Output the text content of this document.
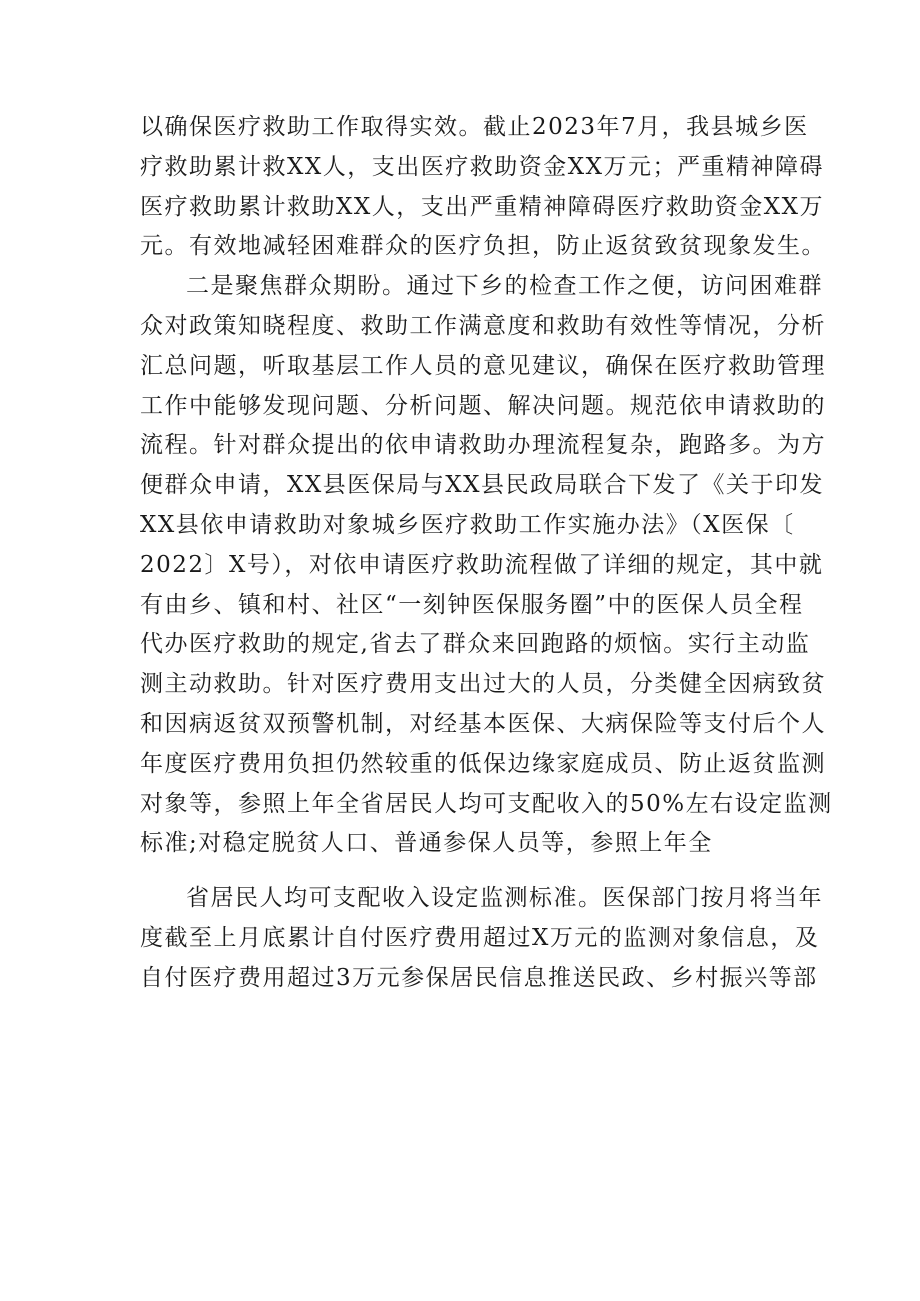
以确保医疗救助工作取得实效。截止2023年7月，我县城乡医
疗救助累计救XX人，支出医疗救助资金XX万元；严重精神障碍
医疗救助累计救助XX人，支出严重精神障碍医疗救助资金XX万
元。有效地减轻困难群众的医疗负担，防止返贫致贫现象发生。
二是聚焦群众期盼。通过下乡的检查工作之便，访问困难群
众对政策知晓程度、救助工作满意度和救助有效性等情况，分析
汇总问题，听取基层工作人员的意见建议，确保在医疗救助管理
工作中能够发现问题、分析问题、解决问题。规范依申请救助的
流程。针对群众提出的依申请救助办理流程复杂，跑路多。为方
便群众申请，XX县医保局与XX县民政局联合下发了《关于印发
XX县依申请救助对象城乡医疗救助工作实施办法》（X医保〔
2022〕X号），对依申请医疗救助流程做了详细的规定，其中就
有由乡、镇和村、社区“一刻钟医保服务圈”中的医保人员全程
代办医疗救助的规定,省去了群众来回跑路的烦恼。实行主动监
测主动救助。针对医疗费用支出过大的人员，分类健全因病致贫
和因病返贫双预警机制，对经基本医保、大病保险等支付后个人
年度医疗费用负担仍然较重的低保边缘家庭成员、防止返贫监测
对象等，参照上年全省居民人均可支配收入的50%左右设定监测
标准;对稳定脱贫人口、普通参保人员等，参照上年全
省居民人均可支配收入设定监测标准。医保部门按月将当年
度截至上月底累计自付医疗费用超过X万元的监测对象信息，及
自付医疗费用超过3万元参保居民信息推送民政、乡村振兴等部
